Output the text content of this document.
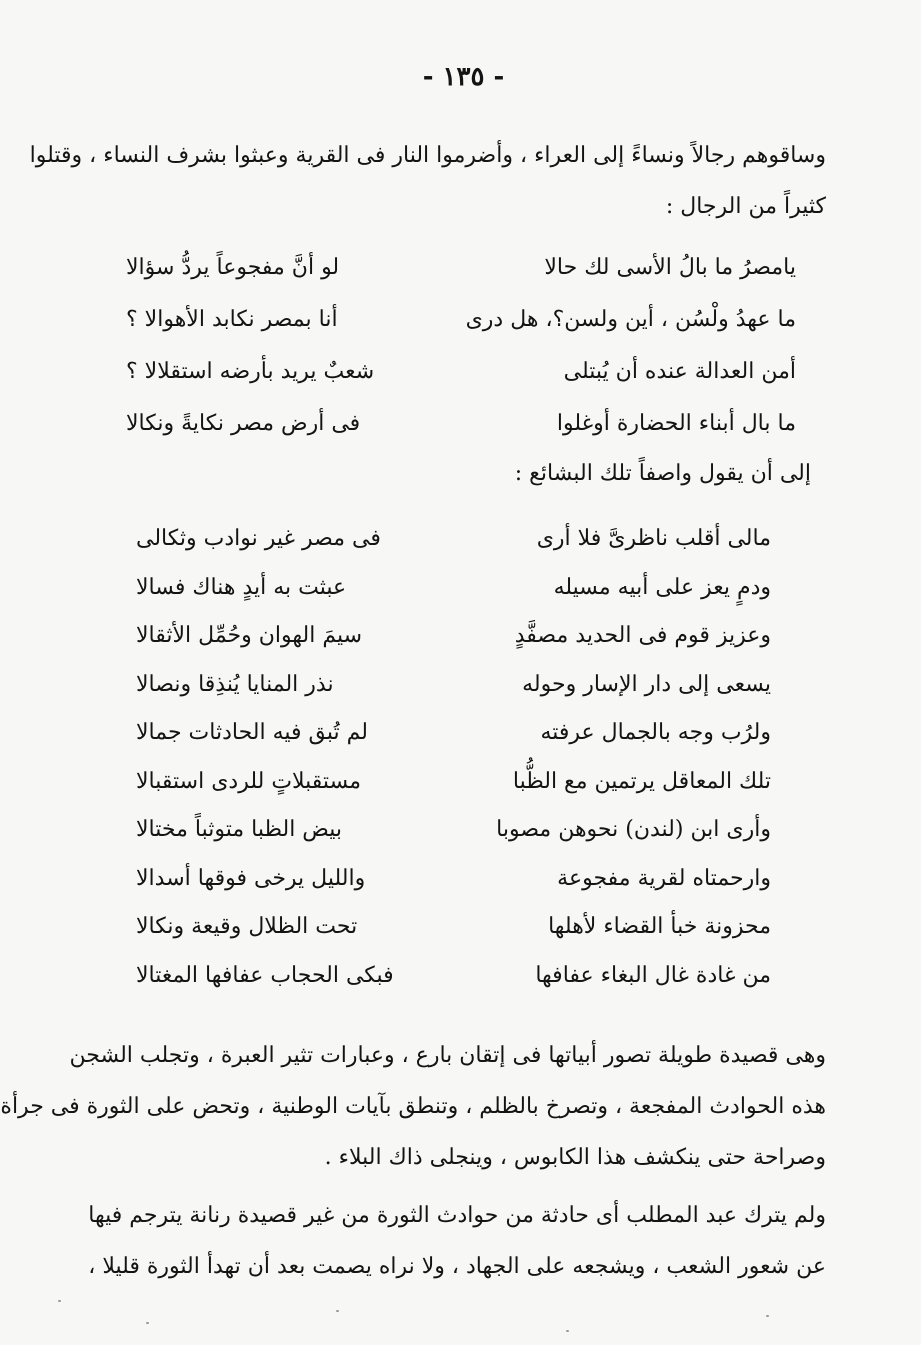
- ١٣٥ -
وساقوهم رجالاً ونساءً إلى العراء ، وأضرموا النار فى القرية وعبثوا بشرف النساء ، وقتلوا
كثيراً من الرجال :
يامصرُ ما بالُ الأسى لك حالا
لو أنَّ مفجوعاً يردُّ سؤالا
ما عهدُ ولْسُن ، أين ولسن؟، هل درى
أنا بمصر نكابد الأهوالا ؟
أمن العدالة عنده أن يُبتلى
شعبٌ يريد بأرضه استقلالا ؟
ما بال أبناء الحضارة أوغلوا
فى أرض مصر نكايةً ونكالا
إلى أن يقول واصفاً تلك البشائع :
مالى أقلب ناظرىَّ فلا أرى
فى مصر غير نوادب وثكالى
ودمٍ يعز على أبيه مسيله
عبثت به أيدٍ هناك فسالا
وعزيز قوم فى الحديد مصفَّدٍ
سيمَ الهوان وحُمِّل الأثقالا
يسعى إلى دار الإسار وحوله
نذر المنايا يُنذِقا ونصالا
ولرُب وجه بالجمال عرفته
لم تُبق فيه الحادثات جمالا
تلك المعاقل يرتمين مع الظُّبا
مستقبلاتٍ للردى استقبالا
وأرى ابن (لندن) نحوهن مصوبا
بيض الظبا متوثباً مختالا
وارحمتاه لقرية مفجوعة
والليل يرخى فوقها أسدالا
محزونة خبأ القضاء لأهلها
تحت الظلال وقيعة ونكالا
من غادة غال البغاء عفافها
فبكى الحجاب عفافها المغتالا
وهى قصيدة طويلة تصور أبياتها فى إتقان بارع ، وعبارات تثير العبرة ، وتجلب الشجن
هذه الحوادث المفجعة ، وتصرخ بالظلم ، وتنطق بآيات الوطنية ، وتحض على الثورة فى جرأة
وصراحة حتى ينكشف هذا الكابوس ، وينجلى ذاك البلاء .
ولم يترك عبد المطلب أى حادثة من حوادث الثورة من غير قصيدة رنانة يترجم فيها
عن شعور الشعب ، ويشجعه على الجهاد ، ولا نراه يصمت بعد أن تهدأ الثورة قليلا ،
